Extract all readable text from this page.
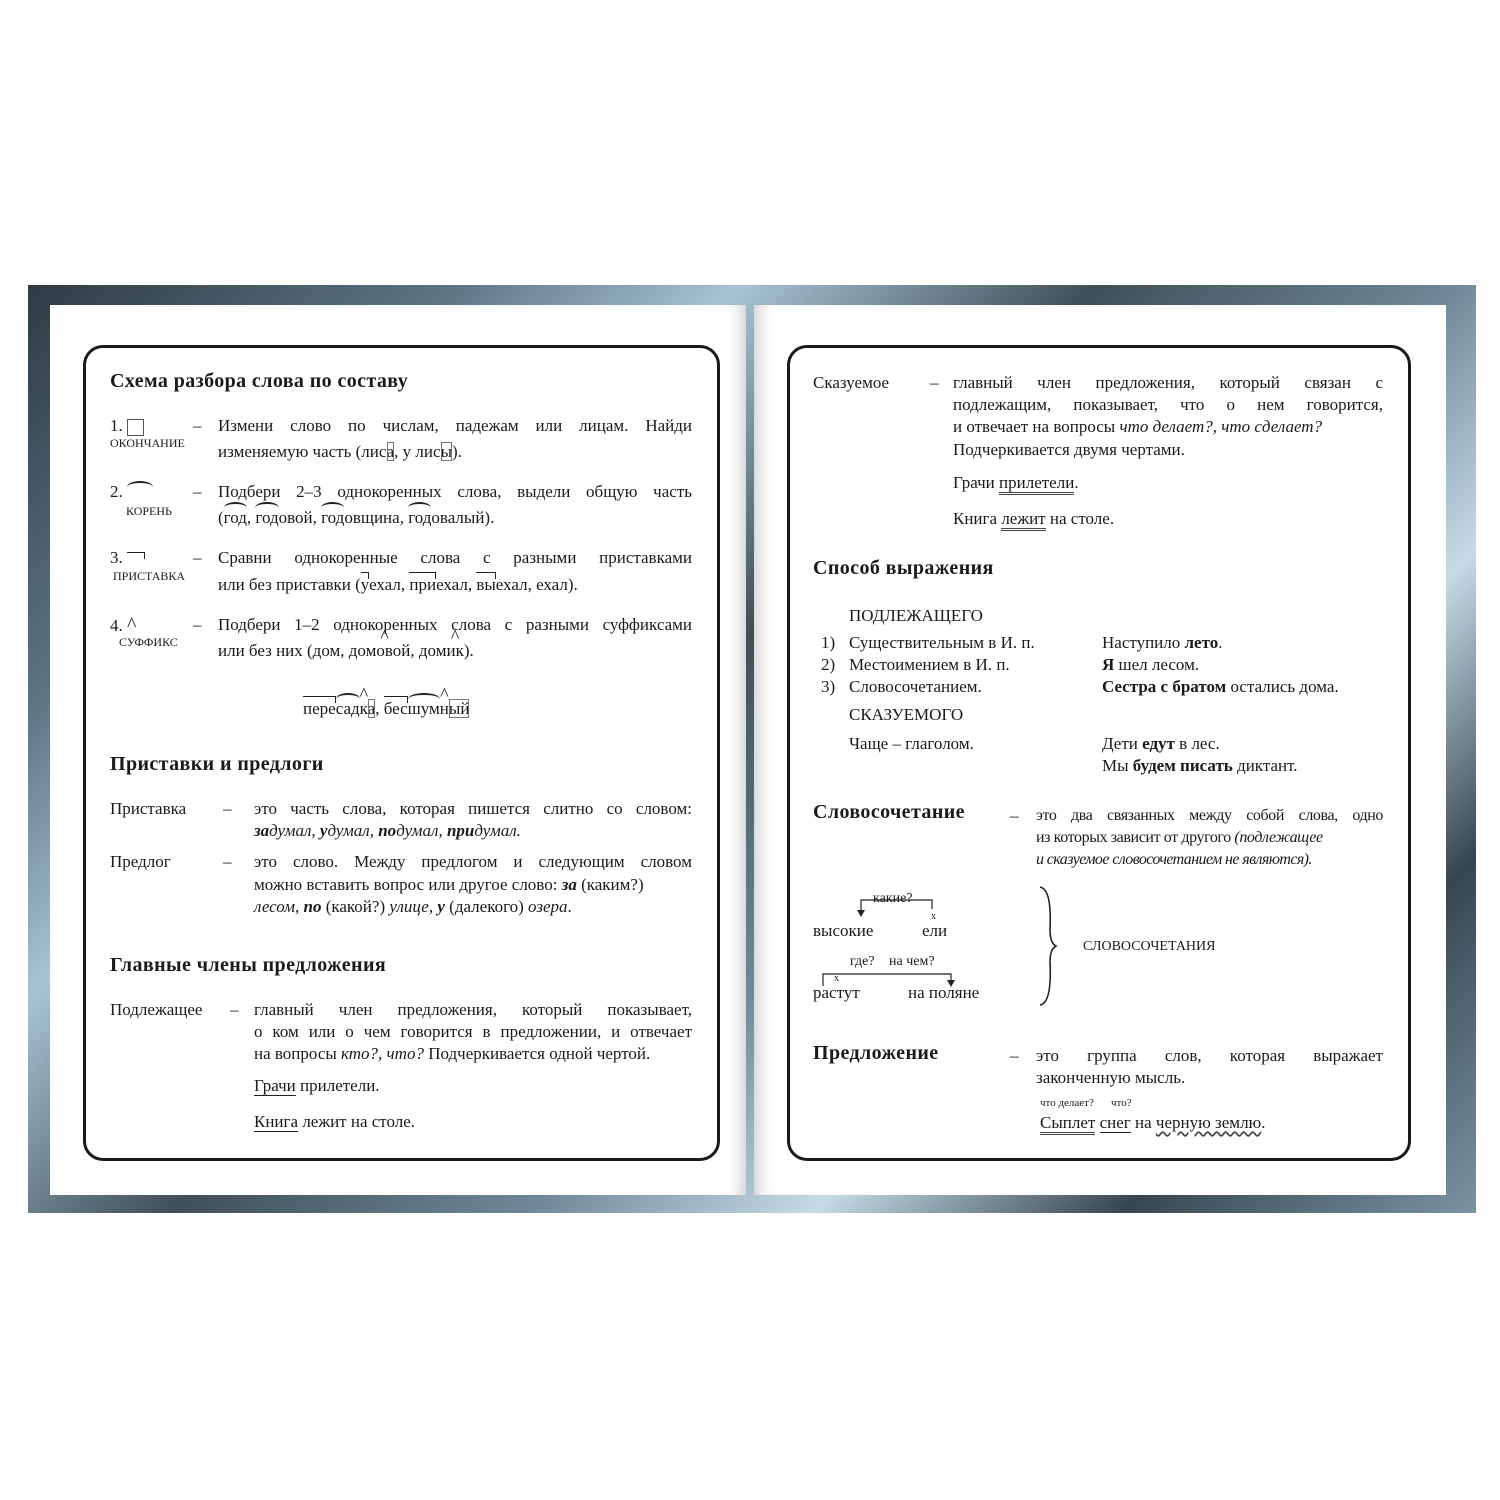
Схема разбора слова по составу
1.
ОКОНЧАНИЕ
– Измени слово по числам, падежам или лицам. Найди
изменяемую часть (лиса, у лисы).
2.
КОРЕНЬ
– Подбери 2–3 однокоренных слова, выдели общую часть
(год, годовой, годовщина, годовалый).
3.
ПРИСТАВКА
– Сравни однокоренные слова с разными приставками
или без приставки (уехал, приехал, выехал, ехал).
4. ^
СУФФИКС
– Подбери 1–2 однокоренных слова с разными суффиксами
или без них (дом, дом^ овой, дом^ ик).
пересад^ ка, бесшум^ ный
Приставки и предлоги
Приставка – это часть слова, которая пишется слитно со словом:
задумал, удумал, подумал, придумал.
Предлог	– это слово. Между предлогом и следующим словом
можно вставить вопрос или другое слово: за (каким?)
лесом, по (какой?) улице, у (далекого) озера.
Главные члены предложения
Подлежащее – главный член предложения, который показывает,
о ком или о чем говорится в предложении, и отвечает
на вопросы кто?, что? Подчеркивается одной чертой.
Грачи прилетели.
Книга лежит на столе.
Сказуемое – главный член предложения, который связан с
подлежащим, показывает, что о нем говорится,
и отвечает на вопросы что делает?, что сделает?
Подчеркивается двумя чертами.
Грачи прилетели.
Книга лежит на столе.
Способ выражения
ПОДЛЕЖАЩЕГО
1) Существительным в И. п.	Наступило лето.
2) Местоимением в И. п.	Я шел лесом.
3) Словосочетанием.	Сестра с братом остались дома.
СКАЗУЕМОГО
Чаще – глаголом.	Дети едут в лес.
Мы будем писать диктант.
Словосочетание	– это два связанных между собой слова, одно
из которых зависит от другого (подлежащее
и сказуемое словосочетанием не являются).
какие?
х
высокие	ели
где? на чем?
х
растут	на поляне
СЛОВОСОЧЕТАНИЯ
Предложение	– это группа слов, которая выражает
законченную мысль.
что делает? что?
Сыплет снег на черную землю.
